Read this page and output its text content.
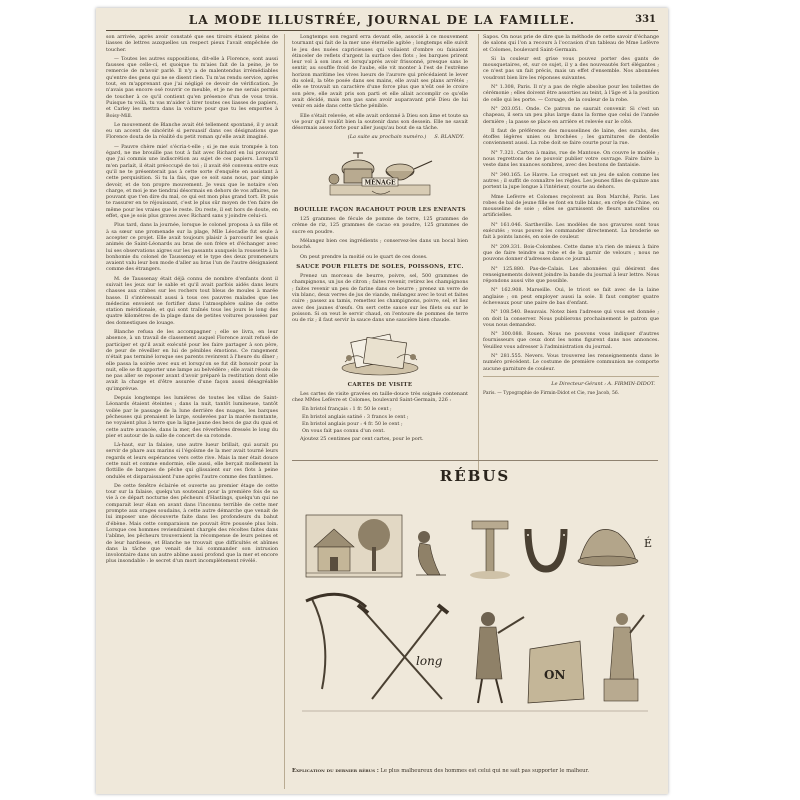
LA MODE ILLUSTRÉE, JOURNAL DE LA FAMILLE.	331

son arrivée, après avoir constaté que ses tiroirs étaient pleins de liasses de lettres auxquelles un respect pieux l'avait empêchée de toucher.

— Toutes les autres suppositions, dit-elle à Florence, sont aussi fausses que celle-ci, et quoique tu m'aies fait de la peine, je te remercie de m'avoir parlé. Il n'y a de malentendus irrémédiables qu'entre des gens qui ne se disent rien. Tu m'as rendu service, après tout, en m'apprenant que j'ai négligé ce devoir de vérification. Je n'avais pas encore osé rouvrir ce meuble, et je ne me serais permis de toucher à ce qu'il contient qu'en présence d'un de vous trois. Puisque tu voilà, tu vas m'aider à tirer toutes ces liasses de papiers, et Carley les mettra dans la voiture pour que tu les emportes à Boisy-Mill.

Le mouvement de Blanche avait été tellement spontané, il y avait eu un accent de sincérité si persuasif dans ces désignations que Florence douta de la réalité du petit roman qu'elle avait imaginé.

— Pauvre chère mie! s'écria-t-elle ; si je me suis trompée à ton égard, ne me brouille pas tout à fait avec Richard en lui prouvant que j'ai commis une indiscrétion au sujet de ces papiers. Lorsqu'il m'en parlait, il était préoccupé de toi ; il avait été convenu entre eux qu'il ne te présenterait pas à cette sorte d'enquête en assistant à cette perquisition. Si tu la fais, que ce soit sans nous, par simple devoir, et de ton propre mouvement. Je veux que le notaire s'en charge, et moi je me tiendrai désormais en dehors de vos affaires, ne pouvant que t'en dire du mal, ce qui est mon plus grand tort. Et puis te rassurer en te réjouissant, c'est le plus sûr moyen de t'en faire de même pour les vraies que le reste. Du reste, il est hors de doute, en effet, que je sois plus graves avec Richard sans y joindre celui-ci.

Plus tard, dans la journée, lorsque le colonel proposa à sa fille et à sa sœur une promenade sur la plage, Mlle Léocadie fut seule à accepter ce projet. Elle avait toujours plaisir à parcourir les quais animés de Saint-Léonards au bras de son frère et d'échanger avec lui ses observations aigres sur les passants auxquels la roussette à la bonhomie du colonel de Taussenay et le type des deux promeneurs avaient valu leur bon mode d'aller au bras l'un de l'autre désignaient comme des étrangers.

M. de Taussenay était déjà connu de nombre d'enfants dont il suivait les jeux sur le sable et qu'il avait parfois aidés dans leurs chasses aux crabes sur les rochers tout bleus de moules à marée basse. Il s'intéressait aussi à tous ces pauvres malades que les médecins envoient se fortifier dans l'atmosphère saline de cette station méridionale, et qui sont traînés tous les jours le long des quatre kilomètres de la plage dans de petites voitures poussées par des domestiques de louage.

Blanche refusa de les accompagner ; elle se livra, en leur absence, à un travail de classement auquel Florence avait refusé de participer et qu'il avait exécuté pour les faire partager à son père, de peur de réveiller en lui de pénibles émotions. Ce rangement n'était pas terminé lorsque ses parents revinrent à l'heure du dîner ; elle passa la soirée avec eux et lorsqu'on se fut dit bonsoir pour la nuit, elle se fit apporter une lampe au belvédère ; elle avait résolu de ne pas aller se reposer avant d'avoir préparé la restitution dont elle avait la charge et d'être assurée d'une façon aussi désagréable qu'imprévue.

Depuis longtemps les lumières de toutes les villas de Saint-Léonards étaient éteintes ; dans la nuit, tantôt lumineuse, tantôt voilée par le passage de la lune derrière des nuages, les barques pêcheuses qui prenaient le large, soulevées par la marée montante, ne voyaient plus à terre que la ligne jaune des becs de gaz du quai et cette autre avancée, dans la mer, des réverbères dressés le long du pier et autour de la salle de concert de sa rotonde.

Là-haut, sur la falaise, une autre lueur brillait, qui aurait pu servir de phare aux marins si l'égoïsme de la mer avait tourné leurs regards et leurs espérances vers cette rive. Mais la mer était douce cette nuit et comme endormie, elle aussi, elle berçait mollement la flottille de barques de pêche qui glissaient sur ces flots à peine ondulés et disparaissaient l'une après l'autre comme des fantômes.

De cette fenêtre éclairée et ouverte au premier étage de cette tour sur la falaise, quelqu'un soutenait pour la première fois de sa vie à ce départ nocturne des pêcheurs d'Hastings, quelqu'un qui ne comparait leur élan en avant dans l'inconnu terrible de cette mer prompte aux orages soudains, à cette autre démarche que venait de lui imposer une découverte faite dans les profondeurs du bahut d'ébène. Mais cette comparaison ne pouvait être poussée plus loin. Lorsque ces hommes reviendraient chargés des récoltes faites dans l'abîme, les pêcheurs trouveraient la récompense de leurs peines et de leur hardiesse, et Blanche ne trouvait que difficultés et abîmes dans la tâche que venait de lui commander son intrusion involontaire dans un autre abîme aussi profond que la mer et encore plus insondable : le secret d'un mort incomplètement révélé.

Longtemps son regard erra devant elle, associé à ce mouvement tournant qui fait de la mer une éternelle agitée ; longtemps elle suivit le jeu des nuées capricieuses qui voilaient d'ombre ou faisaient étinceler de reflets d'argent la surface des flots ; les barques prirent leur vol à son insu et lorsqu'après avoir frissonné, presque sans le sentir, au souffle froid de l'aube, elle vit monter à l'est de l'extrême horizon maritime les vives lueurs de l'aurore qui précédaient le lever du soleil, la tête posée dans ses mains, elle avait ses plans arrêtés ; elle se trouvait un caractère d'une force plus que n'eût osé le croire son père, elle avait pris son parti et elle allait accomplir ce qu'elle avait décidé, mais non pas sans avoir auparavant prié Dieu de lui venir en aide dans cette tâche pénible.

Elle s'était relevée, et elle avait ordonné à Dieu son âme et toute sa vie pour qu'il voulût bien la soutenir dans son dessein. Elle ne savait désormais assez forte pour aller jusqu'au bout de sa tâche.

(La suite au prochain numéro.) S. BLANDY.
MÉNAGE
BOUILLIE FAÇON RACAHOUT POUR LES ENFANTS

125 grammes de fécule de pomme de terre, 125 grammes de crème de riz, 125 grammes de cacao en poudre, 125 grammes de sucre en poudre.

Mélangez bien ces ingrédients ; conservez-les dans un bocal bien bouché.

On peut prendre la moitié ou le quart de ces doses.

SAUCE POUR FILETS DE SOLES, POISSONS, ETC.

Prenez un morceau de beurre, poivre, sel, 500 grammes de champignons, un jus de citron ; faites revenir, retirez les champignons ; faites revenir un peu de farine dans ce beurre ; prenez un verre de vin blanc, deux verres de jus de viande, mélangez avec le tout et faites cuire ; passez au tamis, remettez les champignons, poivre, sel, et liez avec des jaunes d'œufs. On sert cette sauce sur les filets ou sur le poisson. Si on veut le servir chaud, on l'entoure de pommes de terre ou de riz ; il faut servir la sauce dans une saucière bien chaude.

CARTES DE VISITE

Les cartes de visite gravées en taille-douce très soignée contenant chez MMes Lefèvre et Colomes, boulevard Saint-Germain, 226 :

En bristol français : 1 fr. 50 le cent ;

En bristol anglais satiné : 3 francs le cent ;

En bristol anglais pour : 4 fr. 50 le cent ;

On vous fait pas connu d'un cent.

Ajoutez 25 centimes par cent cartes, pour le port.

Sapos. On nous prie de dire que la méthode de cette savoir d'échange de salons qui l'on a recours à l'occasion d'un tableau de Mme Lefèvre et Colomes, boulevard Saint-Germain.

Si la couleur est grise vous pouvez porter des gants de mousquetaires, et, sur ce sujet, il y a des nouveautés fort élégantes ; ce n'est pas un fait précis, mais un effet d'ensemble. Nos abonnées voudront bien lire les réponses suivantes.

N° 1.308, Paris. Il n'y a pas de règle absolue pour les toilettes de cérémonie ; elles doivent être assorties au teint, à l'âge et à la position de celle qui les porte. — Corsage, de la couleur de la robe.

N° 203.051. Onde. Ce patron ne saurait convenir. Si c'est un chapeau, il sera un peu plus large dans la forme que celui de l'année dernière ; la passe se place en arrière et relevée sur le côté.

Il faut de préférence des mousselines de laine, des surahs, des étoffes légères unies ou brochées ; les garnitures de dentelle conviennent aussi. La robe doit se faire courte pour la rue.

N° 7.321. Carton à mains, rue de Mantoue. On couvre le modèle ; nous regrettons de ne pouvoir publier votre ouvrage. Faire faire la veste dans les nuances sombres, avec des boutons de fantaisie.

N° 340.165. Le Havre. Le croquet est un jeu de salon comme les autres ; il suffit de connaître les règles. Les jeunes filles de quinze ans portent la jupe longue à l'intérieur, courte au dehors.

Mme Lefèvre et Colomes reçoivent au Bon Marché, Paris. Les robes de bal de jeune fille se font en tulle blanc, en crêpe de Chine, en mousseline de soie ; elles se garnissent de fleurs naturelles ou artificielles.

N° 161.046. Sartheville. Les modèles de nos gravures sont tous exécutés ; vous pouvez les commander directement. La broderie se fait à points lancés, en soie de couleur.

N° 209.331. Bois-Colombes. Cette dame n'a rien de mieux à faire que de faire teindre sa robe et de la garnir de velours ; nous ne pouvons donner d'adresses dans ce journal.

N° 125.880. Pas-de-Calais. Les abonnées qui désirent des renseignements doivent joindre la bande du journal à leur lettre. Nous répondons aussi vite que possible.

N° 162.908. Marseille. Oui, le tricot se fait avec de la laine anglaise ; on peut employer aussi la soie. Il faut compter quatre écheveaux pour une paire de bas d'enfant.

N° 108.540. Beauvais. Notez bien l'adresse qui vous est donnée ; on doit la conserver. Nous publierons prochainement le patron que vous nous demandez.

N° 300.088. Rouen. Nous ne pouvons vous indiquer d'autres fournisseurs que ceux dont les noms figurent dans nos annonces. Veuillez vous adresser à l'administration du journal.

N° 281.555. Nevers. Vous trouverez les renseignements dans le numéro précédent. Le costume de première communion ne comporte aucune garniture de couleur.

Le Directeur-Gérant : A. FIRMIN-DIDOT.

Paris. — Typographie de Firmin-Didot et Cie, rue Jacob, 56.

RÉBUS
É
long
ON
Explication du dernier rébus : Le plus malheureux des hommes est celui qui ne sait pas supporter le malheur.
